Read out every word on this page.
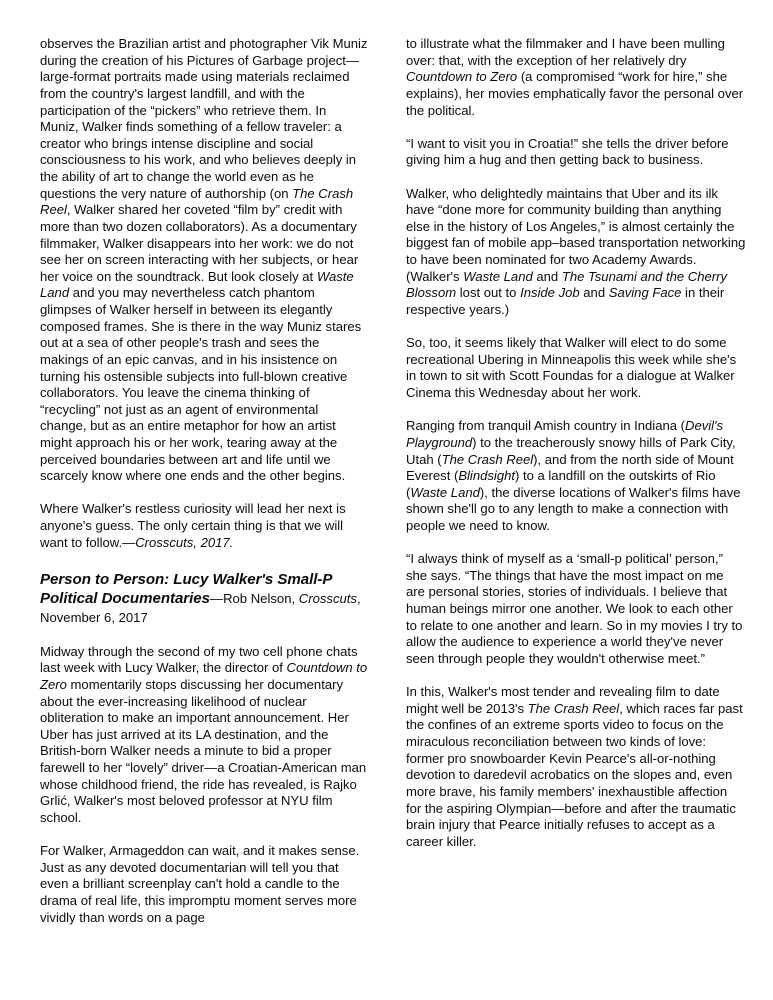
observes the Brazilian artist and photographer Vik Muniz during the creation of his Pictures of Garbage project—large-format portraits made using materials reclaimed from the country's largest landfill, and with the participation of the “pickers” who retrieve them. In Muniz, Walker finds something of a fellow traveler: a creator who brings intense discipline and social consciousness to his work, and who believes deeply in the ability of art to change the world even as he questions the very nature of authorship (on The Crash Reel, Walker shared her coveted “film by” credit with more than two dozen collaborators). As a documentary filmmaker, Walker disappears into her work: we do not see her on screen interacting with her subjects, or hear her voice on the soundtrack. But look closely at Waste Land and you may nevertheless catch phantom glimpses of Walker herself in between its elegantly composed frames. She is there in the way Muniz stares out at a sea of other people's trash and sees the makings of an epic canvas, and in his insistence on turning his ostensible subjects into full-blown creative collaborators. You leave the cinema thinking of “recycling” not just as an agent of environmental change, but as an entire metaphor for how an artist might approach his or her work, tearing away at the perceived boundaries between art and life until we scarcely know where one ends and the other begins.

Where Walker's restless curiosity will lead her next is anyone's guess. The only certain thing is that we will want to follow.—Crosscuts, 2017.

Person to Person: Lucy Walker's Small-P Political Documentaries—Rob Nelson, Crosscuts, November 6, 2017

Midway through the second of my two cell phone chats last week with Lucy Walker, the director of Countdown to Zero momentarily stops discussing her documentary about the ever-increasing likelihood of nuclear obliteration to make an important announcement. Her Uber has just arrived at its LA destination, and the British-born Walker needs a minute to bid a proper farewell to her “lovely” driver—a Croatian-American man whose childhood friend, the ride has revealed, is Rajko Grlić, Walker's most beloved professor at NYU film school.

For Walker, Armageddon can wait, and it makes sense. Just as any devoted documentarian will tell you that even a brilliant screenplay can't hold a candle to the drama of real life, this impromptu moment serves more vividly than words on a page

to illustrate what the filmmaker and I have been mulling over: that, with the exception of her relatively dry Countdown to Zero (a compromised “work for hire,” she explains), her movies emphatically favor the personal over the political.

“I want to visit you in Croatia!” she tells the driver before giving him a hug and then getting back to business.

Walker, who delightedly maintains that Uber and its ilk have “done more for community building than anything else in the history of Los Angeles,” is almost certainly the biggest fan of mobile app–based transportation networking to have been nominated for two Academy Awards. (Walker's Waste Land and The Tsunami and the Cherry Blossom lost out to Inside Job and Saving Face in their respective years.)

So, too, it seems likely that Walker will elect to do some recreational Ubering in Minneapolis this week while she's in town to sit with Scott Foundas for a dialogue at Walker Cinema this Wednesday about her work.

Ranging from tranquil Amish country in Indiana (Devil's Playground) to the treacherously snowy hills of Park City, Utah (The Crash Reel), and from the north side of Mount Everest (Blindsight) to a landfill on the outskirts of Rio (Waste Land), the diverse locations of Walker's films have shown she'll go to any length to make a connection with people we need to know.

“I always think of myself as a ‘small-p political’ person,” she says. “The things that have the most impact on me are personal stories, stories of individuals. I believe that human beings mirror one another. We look to each other to relate to one another and learn. So in my movies I try to allow the audience to experience a world they've never seen through people they wouldn't otherwise meet.”

In this, Walker's most tender and revealing film to date might well be 2013's The Crash Reel, which races far past the confines of an extreme sports video to focus on the miraculous reconciliation between two kinds of love: former pro snowboarder Kevin Pearce's all-or-nothing devotion to daredevil acrobatics on the slopes and, even more brave, his family members' inexhaustible affection for the aspiring Olympian—before and after the traumatic brain injury that Pearce initially refuses to accept as a career killer.
